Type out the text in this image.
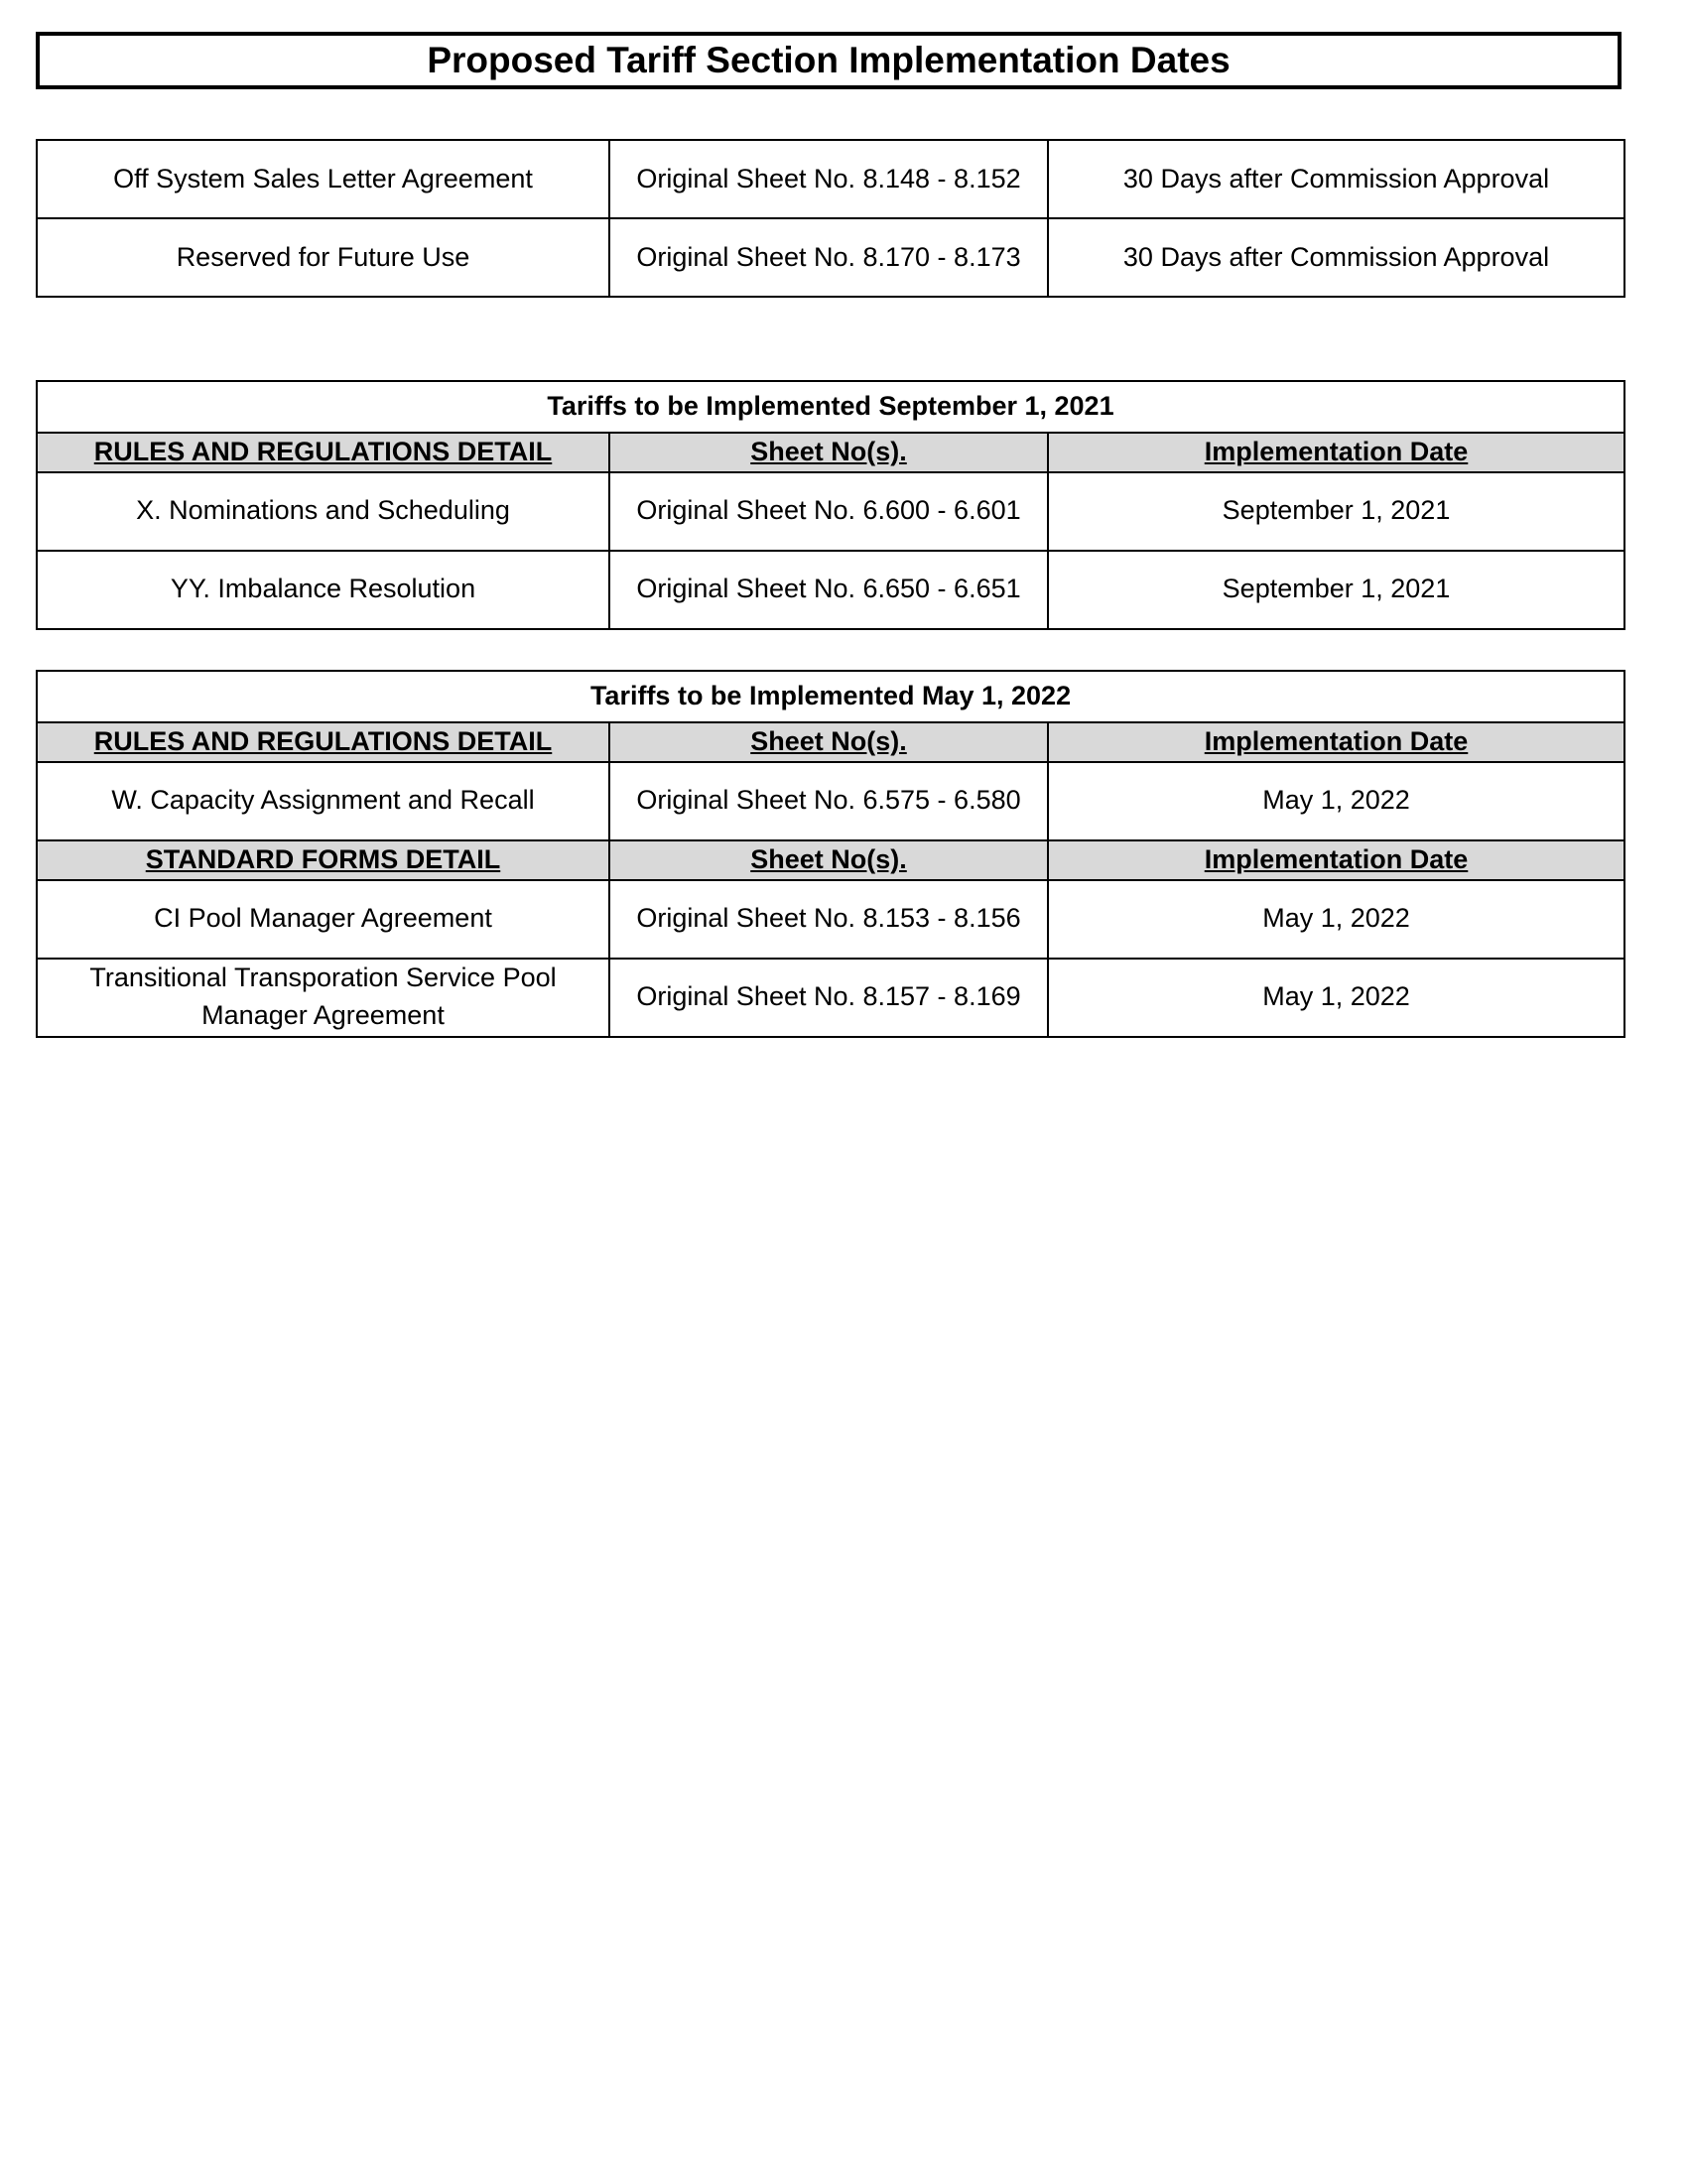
Proposed Tariff Section Implementation Dates
Off System Sales Letter Agreement	Original Sheet No. 8.148 - 8.152	30 Days after Commission Approval
Reserved for Future Use	Original Sheet No. 8.170 - 8.173	30 Days after Commission Approval
Tariffs to be Implemented September 1, 2021		
RULES AND REGULATIONS DETAIL	Sheet No(s).	Implementation Date
X. Nominations and Scheduling	Original Sheet No. 6.600 - 6.601	September 1, 2021
YY. Imbalance Resolution	Original Sheet No. 6.650 - 6.651	September 1, 2021
Tariffs to be Implemented May 1, 2022		
RULES AND REGULATIONS DETAIL	Sheet No(s).	Implementation Date
W. Capacity Assignment and Recall	Original Sheet No. 6.575 - 6.580	May 1, 2022
STANDARD FORMS DETAIL	Sheet No(s).	Implementation Date
CI Pool Manager Agreement	Original Sheet No. 8.153 - 8.156	May 1, 2022
Transitional Transporation Service Pool Manager Agreement	Original Sheet No. 8.157 - 8.169	May 1, 2022
